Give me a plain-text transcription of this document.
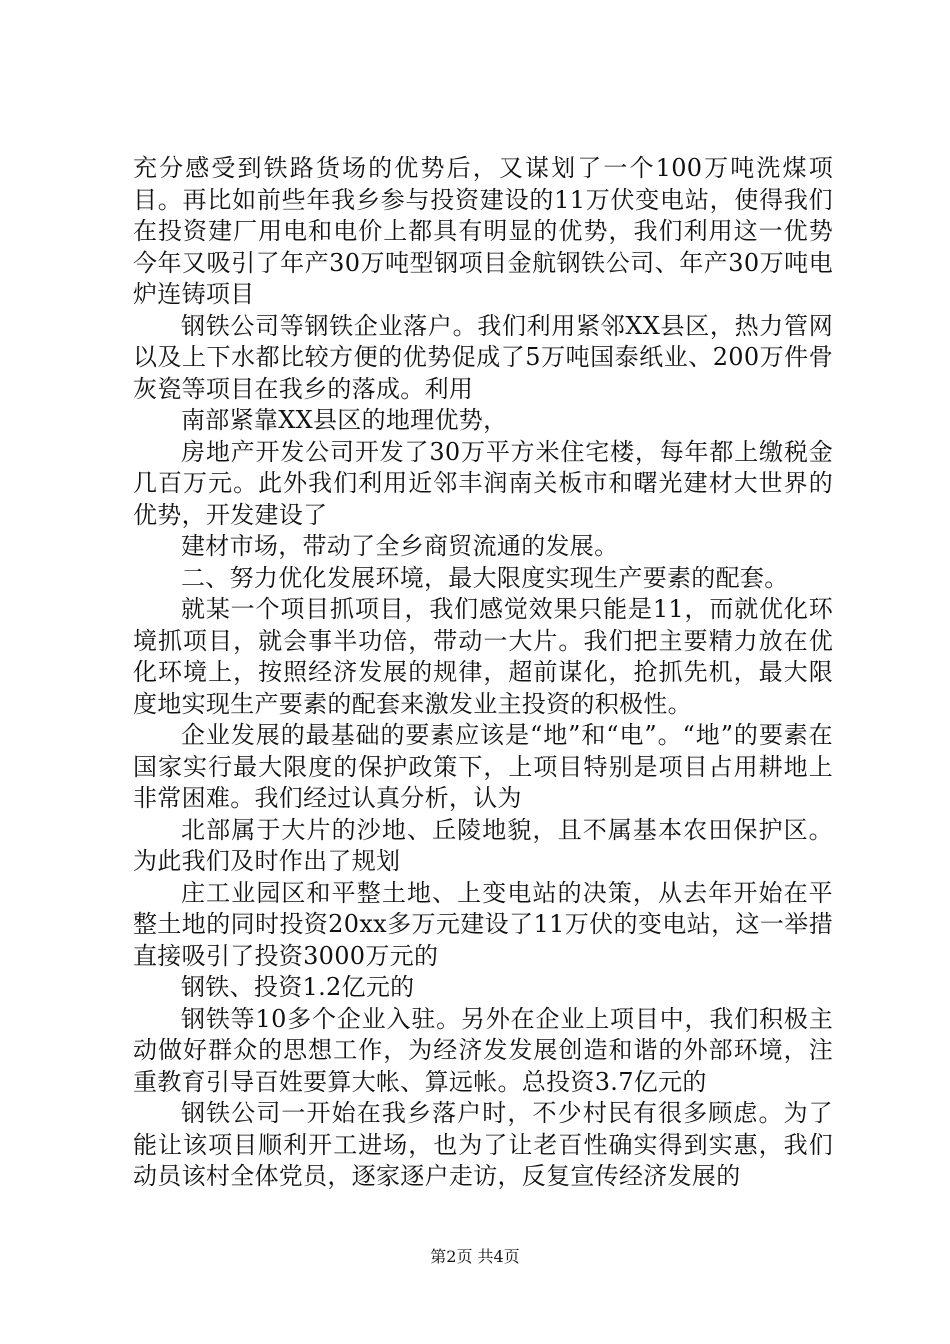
充分感受到铁路货场的优势后，又谋划了一个100万吨洗煤项目。再比如前些年我乡参与投资建设的11万伏变电站，使得我们在投资建厂用电和电价上都具有明显的优势，我们利用这一优势今年又吸引了年产30万吨型钢项目金航钢铁公司、年产30万吨电炉连铸项目

钢铁公司等钢铁企业落户。我们利用紧邻XX县区，热力管网以及上下水都比较方便的优势促成了5万吨国泰纸业、200万件骨灰瓷等项目在我乡的落成。利用

南部紧靠XX县区的地理优势，

房地产开发公司开发了30万平方米住宅楼，每年都上缴税金几百万元。此外我们利用近邻丰润南关板市和曙光建材大世界的优势，开发建设了

建材市场，带动了全乡商贸流通的发展。

二、努力优化发展环境，最大限度实现生产要素的配套。

就某一个项目抓项目，我们感觉效果只能是11，而就优化环境抓项目，就会事半功倍，带动一大片。我们把主要精力放在优化环境上，按照经济发展的规律，超前谋化，抢抓先机，最大限度地实现生产要素的配套来激发业主投资的积极性。

企业发展的最基础的要素应该是“地”和“电”。“地”的要素在国家实行最大限度的保护政策下，上项目特别是项目占用耕地上非常困难。我们经过认真分析，认为

北部属于大片的沙地、丘陵地貌，且不属基本农田保护区。为此我们及时作出了规划

庄工业园区和平整土地、上变电站的决策，从去年开始在平整土地的同时投资20xx多万元建设了11万伏的变电站，这一举措直接吸引了投资3000万元的

钢铁、投资1.2亿元的

钢铁等10多个企业入驻。另外在企业上项目中，我们积极主动做好群众的思想工作，为经济发发展创造和谐的外部环境，注重教育引导百姓要算大帐、算远帐。总投资3.7亿元的

钢铁公司一开始在我乡落户时，不少村民有很多顾虑。为了能让该项目顺利开工进场，也为了让老百性确实得到实惠，我们动员该村全体党员，逐家逐户走访，反复宣传经济发展的

第2页 共4页
